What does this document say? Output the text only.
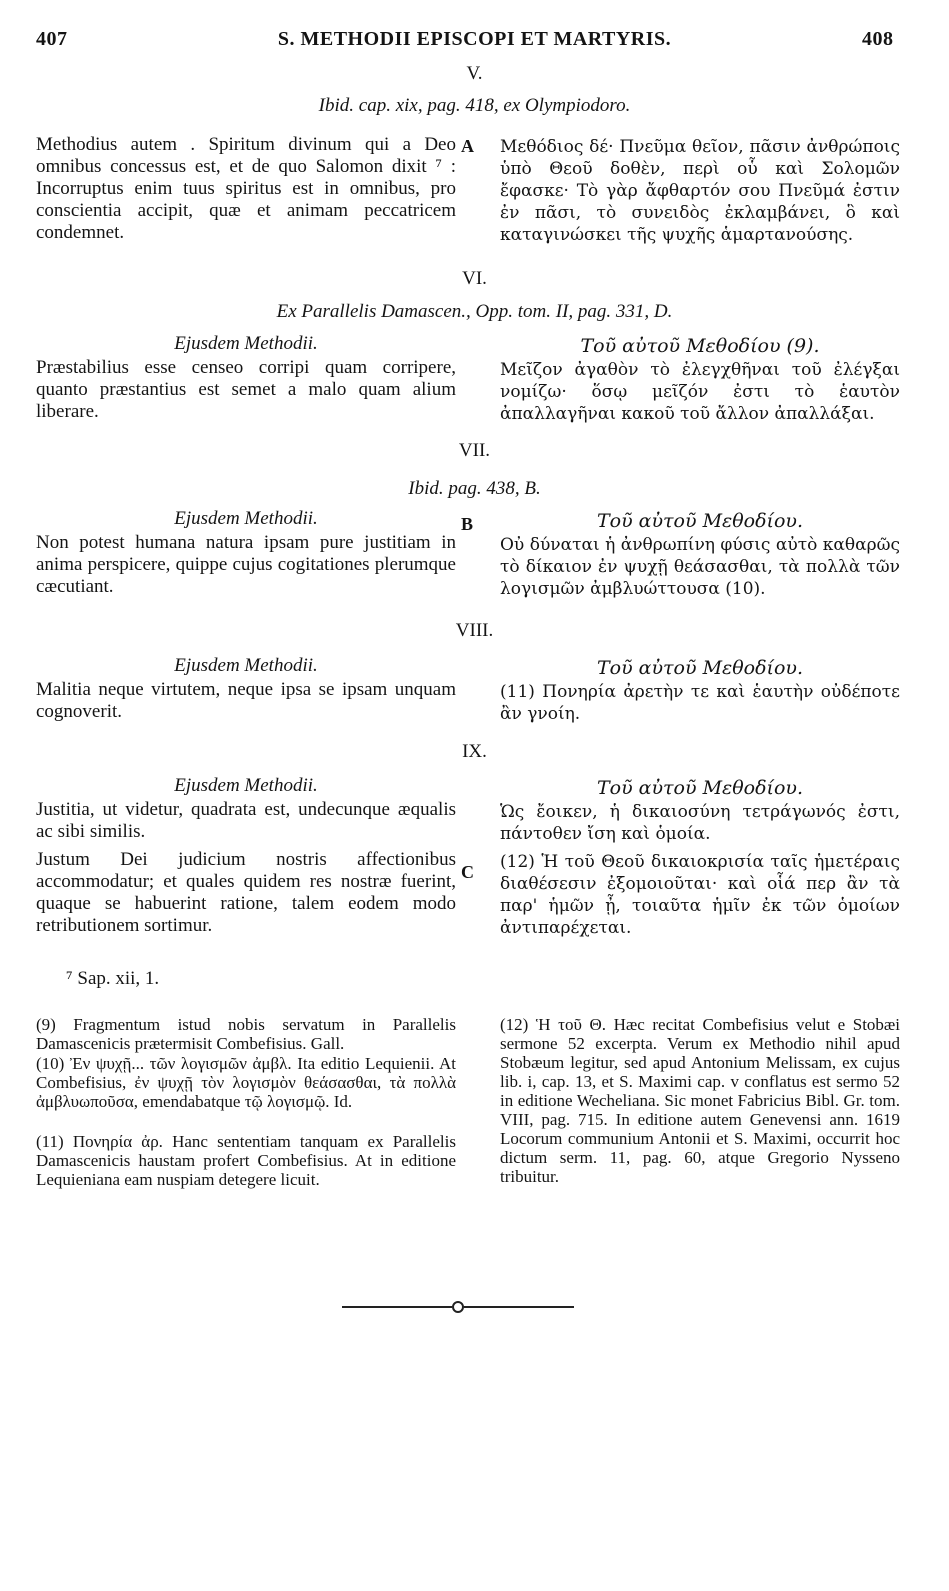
407	S. METHODII EPISCOPI ET MARTYRIS.	408
V.
Ibid. cap. xix, pag. 418, ex Olympiodoro.
Methodius autem . Spiritum divinum qui a Deo omnibus concessus est, et de quo Salomon dixit ⁷ : Incorruptus enim tuus spiritus est in omnibus, pro conscientia accipit, quæ et animam peccatricem condemnet.
Μεθόδιος δέ· Πνεῦμα θεῖον, πᾶσιν ἀνθρώποις ὑπὸ Θεοῦ δοθὲν, περὶ οὗ καὶ Σολομῶν ἔφασκε· Τὸ γὰρ ἄφθαρτόν σου Πνεῦμά ἐστιν ἐν πᾶσι, τὸ συνειδὸς ἐκλαμβάνει, ὃ καὶ καταγινώσκει τῆς ψυχῆς ἁμαρτανούσης.
A
VI.
Ex Parallelis Damascen., Opp. tom. II, pag. 331, D.
Ejusdem Methodii.	Τοῦ αὐτοῦ Μεθοδίου (9).
Præstabilius esse censeo corripi quam corripere, quanto præstantius est semet a malo quam alium liberare.
Μεῖζον ἀγαθὸν τὸ ἐλεγχθῆναι τοῦ ἐλέγξαι νομίζω· ὅσῳ μεῖζόν ἐστι τὸ ἑαυτὸν ἀπαλλαγῆναι κακοῦ τοῦ ἄλλον ἀπαλλάξαι.
VII.
Ibid. pag. 438, B.
Ejusdem Methodii.	Τοῦ αὐτοῦ Μεθοδίου.
B
Non potest humana natura ipsam pure justitiam in anima perspicere, quippe cujus cogitationes plerumque cæcutiant.
Οὐ δύναται ἡ ἀνθρωπίνη φύσις αὐτὸ καθαρῶς τὸ δίκαιον ἐν ψυχῇ θεάσασθαι, τὰ πολλὰ τῶν λογισμῶν ἀμβλυώττουσα (10).
VIII.
Ejusdem Methodii.	Τοῦ αὐτοῦ Μεθοδίου.
Malitia neque virtutem, neque ipsa se ipsam unquam cognoverit.
(11) Πονηρία ἀρετὴν τε καὶ ἑαυτὴν οὐδέποτε ἂν γνοίη.
IX.
Ejusdem Methodii.	Τοῦ αὐτοῦ Μεθοδίου.
Justitia, ut videtur, quadrata est, undecunque æqualis ac sibi similis.
Ὡς ἔοικεν, ἡ δικαιοσύνη τετράγωνός ἐστι, πάντοθεν ἴση καὶ ὁμοία.
Justum Dei judicium nostris affectionibus accommodatur; et quales quidem res nostræ fuerint, quaque se habuerint ratione, talem eodem modo retributionem sortimur.
(12) Ἡ τοῦ Θεοῦ δικαιοκρισία ταῖς ἡμετέραις διαθέσεσιν ἐξομοιοῦται· καὶ οἷά περ ἂν τὰ παρ' ἡμῶν ᾖ, τοιαῦτα ἡμῖν ἐκ τῶν ὁμοίων ἀντιπαρέχεται.
C
⁷ Sap. xii, 1.
(9) Fragmentum istud nobis servatum in Parallelis Damascenicis prætermisit Combefisius. Gall.
(10) Ἐν ψυχῇ... τῶν λογισμῶν ἀμβλ. Ita editio Lequienii. At Combefisius, ἐν ψυχῇ τὸν λογισμὸν θεάσασθαι, τὰ πολλὰ ἀμβλυωποῦσα, emendabatque τῷ λογισμῷ. Id.
(11) Πονηρία ἀρ. Hanc sententiam tanquam ex Parallelis Damascenicis haustam profert Combefisius. At in editione Lequieniana eam nuspiam detegere licuit.
(12) Ἡ τοῦ Θ. Hæc recitat Combefisius velut e Stobæi sermone 52 excerpta. Verum ex Methodio nihil apud Stobæum legitur, sed apud Antonium Melissam, ex cujus lib. i, cap. 13, et S. Maximi cap. v conflatus est sermo 52 in editione Wecheliana. Sic monet Fabricius Bibl. Gr. tom. VIII, pag. 715. In editione autem Genevensi ann. 1619 Locorum communium Antonii et S. Maximi, occurrit hoc dictum serm. 11, pag. 60, atque Gregorio Nysseno tribuitur.
